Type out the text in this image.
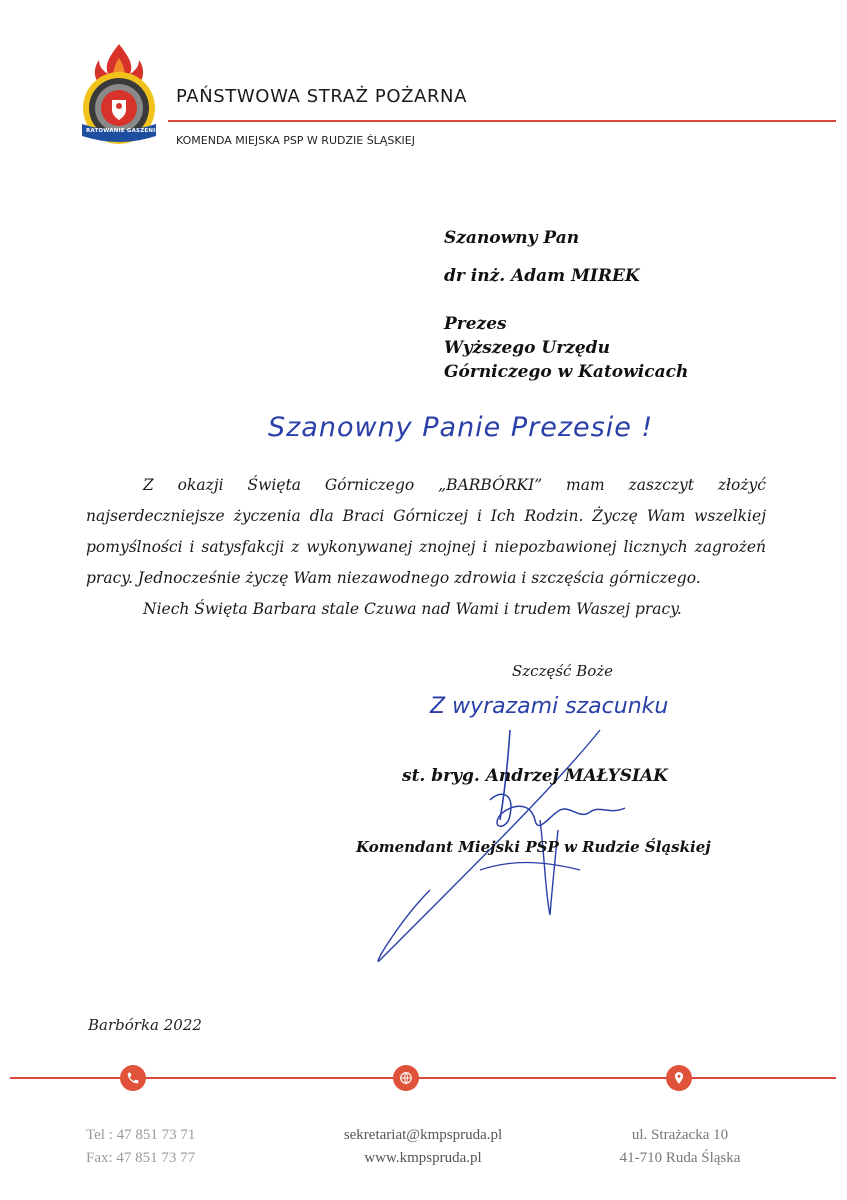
RATOWANIE GASZENIE
PAŃSTWOWA STRAŻ POŻARNA
KOMENDA MIEJSKA PSP W RUDZIE ŚLĄSKIEJ
Szanowny Pan
dr inż. Adam MIREK
Prezes
Wyższego Urzędu
Górniczego w Katowicach
Szanowny Panie Prezesie !

Z okazji Święta Górniczego „BARBÓRKI” mam zaszczyt złożyć najserdeczniejsze życzenia dla Braci Górniczej i Ich Rodzin. Życzę Wam wszelkiej pomyślności i satysfakcji z wykonywanej znojnej i niepozbawionej licznych zagrożeń pracy. Jednocześnie życzę Wam niezawodnego zdrowia i szczęścia górniczego.

Niech Święta Barbara stale Czuwa nad Wami i trudem Waszej pracy.

Szczęść Boże
Z wyrazami szacunku
st. bryg. Andrzej MAŁYSIAK
Komendant Miejski PSP w Rudzie Śląskiej
Barbórka 2022
Tel : 47 851 73 71
Fax: 47 851 73 77
sekretariat@kmpspruda.pl
www.kmpspruda.pl
ul. Strażacka 10
41-710 Ruda Śląska
